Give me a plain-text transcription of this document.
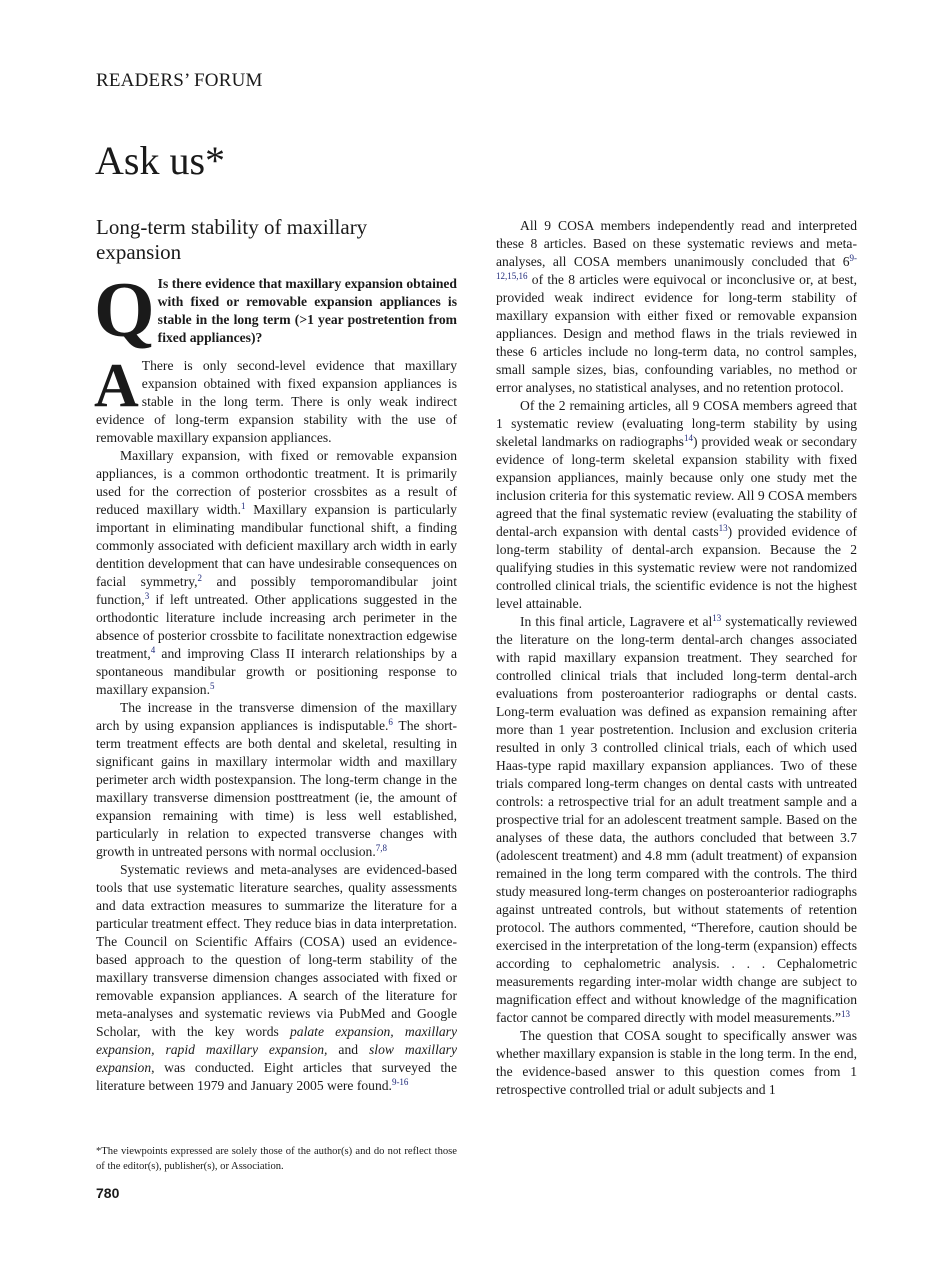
READERS’ FORUM
Ask us*
Long-term stability of maxillary expansion
Q Is there evidence that maxillary expansion obtained with fixed or removable expansion appliances is stable in the long term (>1 year postretention from fixed appliances)?
A There is only second-level evidence that maxillary expansion obtained with fixed expansion appliances is stable in the long term. There is only weak indirect evidence of long-term expansion stability with the use of removable maxillary expansion appliances.

Maxillary expansion, with fixed or removable expansion appliances, is a common orthodontic treatment. It is primarily used for the correction of posterior crossbites as a result of reduced maxillary width.$^1$ Maxillary expansion is particularly important in eliminating mandibular functional shift, a finding commonly associated with deficient maxillary arch width in early dentition development that can have undesirable consequences on facial symmetry,$^2$ and possibly temporomandibular joint function,$^3$ if left untreated. Other applications suggested in the orthodontic literature include increasing arch perimeter in the absence of posterior crossbite to facilitate nonextraction edgewise treatment,$^4$ and improving Class II interarch relationships by a spontaneous mandibular growth or positioning response to maxillary expansion.$^5$

The increase in the transverse dimension of the maxillary arch by using expansion appliances is indisputable.$^6$ The short-term treatment effects are both dental and skeletal, resulting in significant gains in maxillary intermolar width and maxillary perimeter arch width postexpansion. The long-term change in the maxillary transverse dimension posttreatment (ie, the amount of expansion remaining with time) is less well established, particularly in relation to expected transverse changes with growth in untreated persons with normal occlusion.$^{7,8}$

Systematic reviews and meta-analyses are evidenced-based tools that use systematic literature searches, quality assessments and data extraction measures to summarize the literature for a particular treatment effect. They reduce bias in data interpretation. The Council on Scientific Affairs (COSA) used an evidence-based approach to the question of long-term stability of the maxillary transverse dimension changes associated with fixed or removable expansion appliances. A search of the literature for meta-analyses and systematic reviews via PubMed and Google Scholar, with the key words palate expansion, maxillary expansion, rapid maxillary expansion, and slow maxillary expansion, was conducted. Eight articles that surveyed the literature between 1979 and January 2005 were found.$^{9-16}$

All 9 COSA members independently read and interpreted these 8 articles. Based on these systematic reviews and meta-analyses, all COSA members unanimously concluded that 6$^{9-12,15,16}$ of the 8 articles were equivocal or inconclusive or, at best, provided weak indirect evidence for long-term stability of maxillary expansion with either fixed or removable expansion appliances. Design and method flaws in the trials reviewed in these 6 articles include no long-term data, no control samples, small sample sizes, bias, confounding variables, no method or error analyses, no statistical analyses, and no retention protocol.

Of the 2 remaining articles, all 9 COSA members agreed that 1 systematic review (evaluating long-term stability by using skeletal landmarks on radiographs$^{14}$) provided weak or secondary evidence of long-term skeletal expansion stability with fixed expansion appliances, mainly because only one study met the inclusion criteria for this systematic review. All 9 COSA members agreed that the final systematic review (evaluating the stability of dental-arch expansion with dental casts$^{13}$) provided evidence of long-term stability of dental-arch expansion. Because the 2 qualifying studies in this systematic review were not randomized controlled clinical trials, the scientific evidence is not the highest level attainable.

In this final article, Lagravere et $al^{13}$ systematically reviewed the literature on the long-term dental-arch changes associated with rapid maxillary expansion treatment. They searched for controlled clinical trials that included long-term dental-arch evaluations from posteroanterior radiographs or dental casts. Long-term evaluation was defined as expansion remaining after more than 1 year postretention. Inclusion and exclusion criteria resulted in only 3 controlled clinical trials, each of which used Haas-type rapid maxillary expansion appliances. Two of these trials compared long-term changes on dental casts with untreated controls: a retrospective trial for an adult treatment sample and a prospective trial for an adolescent treatment sample. Based on the analyses of these data, the authors concluded that between 3.7 (adolescent treatment) and 4.8 mm (adult treatment) of expansion remained in the long term compared with the controls. The third study measured long-term changes on posteroanterior radiographs against untreated controls, but without statements of retention protocol. The authors commented, “Therefore, caution should be exercised in the interpretation of the long-term (expansion) effects according to cephalometric analysis. . . . Cephalometric measurements regarding inter-molar width change are subject to magnification effect and without knowledge of the magnification factor cannot be compared directly with model measurements.”$^{13}$

The question that COSA sought to specifically answer was whether maxillary expansion is stable in the long term. In the end, the evidence-based answer to this question comes from 1 retrospective controlled trial or adult subjects and 1

*The viewpoints expressed are solely those of the author(s) and do not reflect those of the editor(s), publisher(s), or Association.
780
